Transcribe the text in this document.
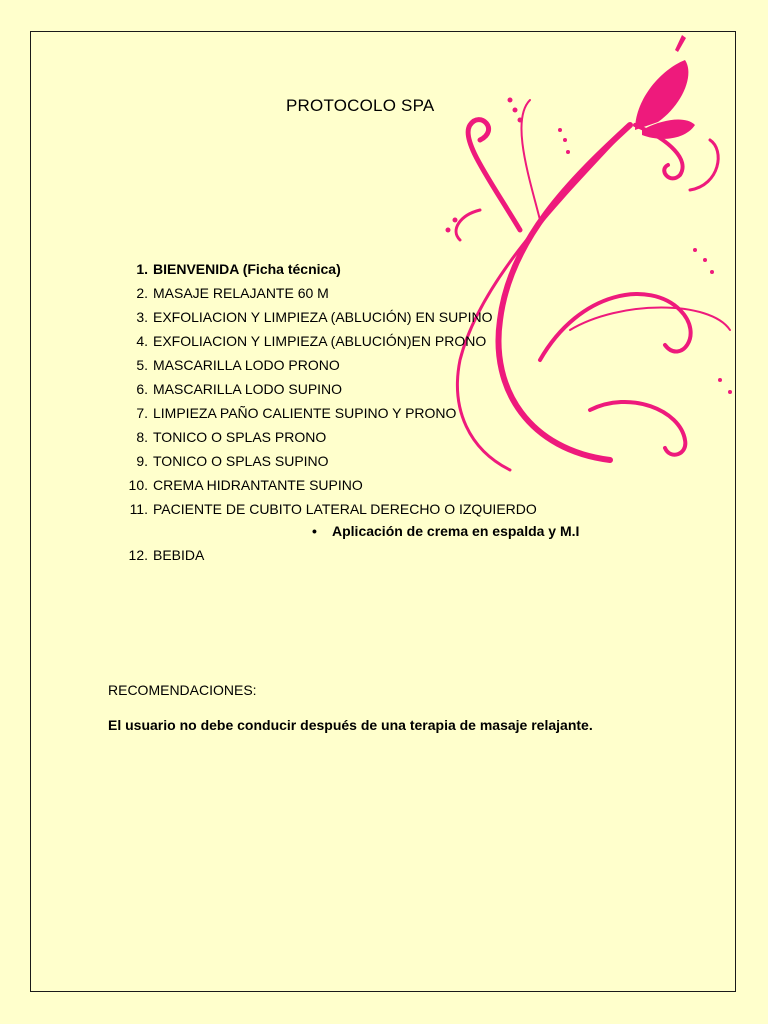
PROTOCOLO SPA
1. BIENVENIDA (Ficha técnica)
2. MASAJE RELAJANTE 60 M
3. EXFOLIACION Y LIMPIEZA (ABLUCIÓN) EN SUPINO
4. EXFOLIACION Y LIMPIEZA (ABLUCIÓN)EN PRONO
5. MASCARILLA LODO PRONO
6. MASCARILLA LODO SUPINO
7. LIMPIEZA PAÑO CALIENTE SUPINO Y PRONO
8. TONICO O SPLAS PRONO
9. TONICO O SPLAS SUPINO
10. CREMA HIDRANTANTE SUPINO
11. PACIENTE DE CUBITO LATERAL DERECHO O IZQUIERDO
• Aplicación de crema en espalda y M.I
12. BEBIDA
RECOMENDACIONES:
El usuario no debe conducir después de una terapia de masaje relajante.
